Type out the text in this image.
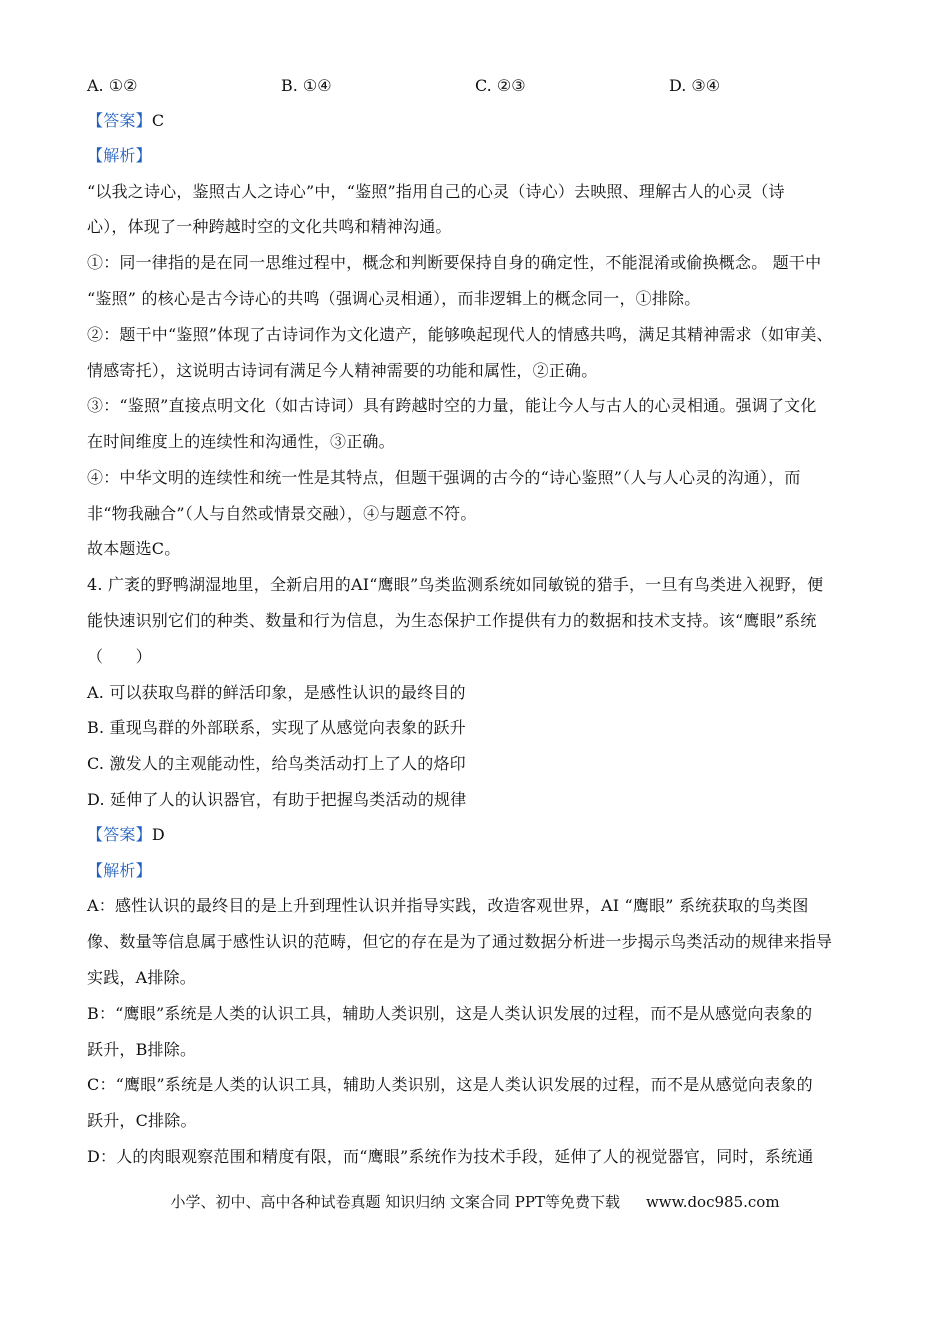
A. ①②	B. ①④	C. ②③	D. ③④
【答案】C
【解析】
“以我之诗心，鉴照古人之诗心”中，“鉴照”指用自己的心灵（诗心）去映照、理解古人的心灵（诗
心），体现了一种跨越时空的文化共鸣和精神沟通。
①：同一律指的是在同一思维过程中，概念和判断要保持自身的确定性，不能混淆或偷换概念。 题干中
“鉴照” 的核心是古今诗心的共鸣（强调心灵相通），而非逻辑上的概念同一，①排除。
②：题干中“鉴照”体现了古诗词作为文化遗产，能够唤起现代人的情感共鸣，满足其精神需求（如审美、
情感寄托），这说明古诗词有满足今人精神需要的功能和属性，②正确。
③：“鉴照”直接点明文化（如古诗词）具有跨越时空的力量，能让今人与古人的心灵相通。强调了文化
在时间维度上的连续性和沟通性，③正确。
④：中华文明的连续性和统一性是其特点，但题干强调的古今的“诗心鉴照”（人与人心灵的沟通），而
非“物我融合”（人与自然或情景交融），④与题意不符。
故本题选C。
4. 广袤的野鸭湖湿地里，全新启用的AI“鹰眼”鸟类监测系统如同敏锐的猎手，一旦有鸟类进入视野，便
能快速识别它们的种类、数量和行为信息，为生态保护工作提供有力的数据和技术支持。该“鹰眼”系统
（　　）
A. 可以获取鸟群的鲜活印象，是感性认识的最终目的
B. 重现鸟群的外部联系，实现了从感觉向表象的跃升
C. 激发人的主观能动性，给鸟类活动打上了人的烙印
D. 延伸了人的认识器官，有助于把握鸟类活动的规律
【答案】D
【解析】
A：感性认识的最终目的是上升到理性认识并指导实践，改造客观世界，AI “鹰眼” 系统获取的鸟类图
像、数量等信息属于感性认识的范畴，但它的存在是为了通过数据分析进一步揭示鸟类活动的规律来指导
实践，A排除。
B：“鹰眼”系统是人类的认识工具，辅助人类识别，这是人类认识发展的过程，而不是从感觉向表象的
跃升，B排除。
C：“鹰眼”系统是人类的认识工具，辅助人类识别，这是人类认识发展的过程，而不是从感觉向表象的
跃升，C排除。
D：人的肉眼观察范围和精度有限，而“鹰眼”系统作为技术手段，延伸了人的视觉器官，同时，系统通
小学、初中、高中各种试卷真题 知识归纳 文案合同 PPT等免费下载 www.doc985.com
